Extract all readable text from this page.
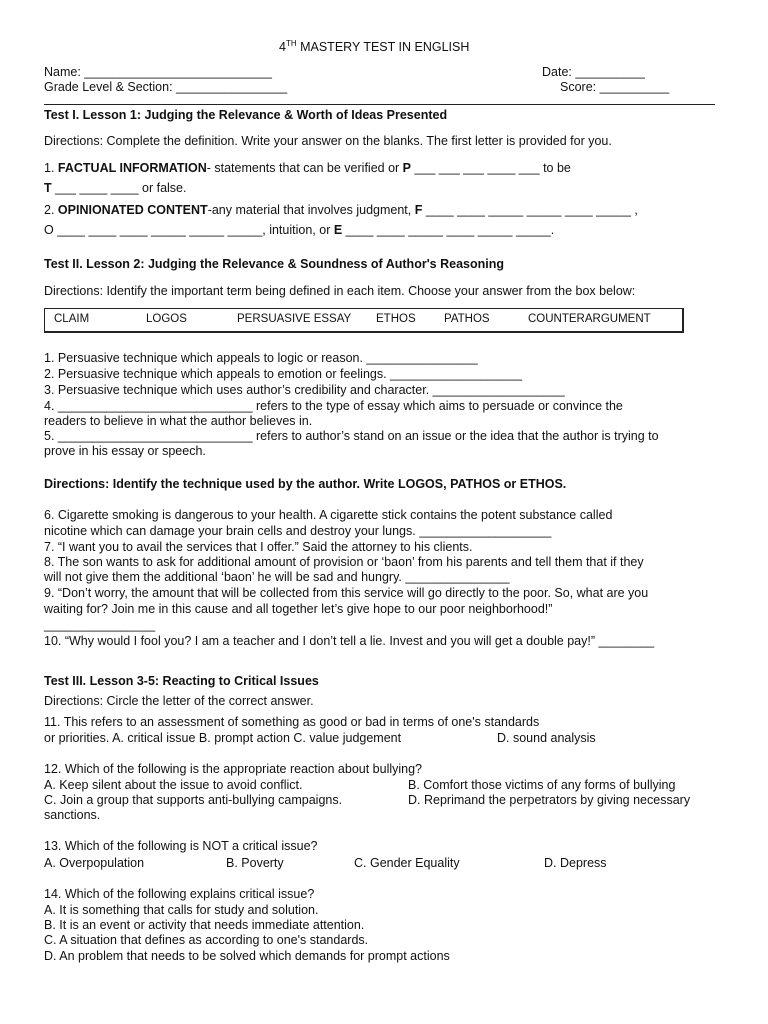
4TH MASTERY TEST IN ENGLISH
Name: ___________________________	Date: __________
Grade Level & Section: ________________	Score: __________
Test I. Lesson 1: Judging the Relevance & Worth of Ideas Presented
Directions: Complete the definition. Write your answer on the blanks. The first letter is provided for you.
1. FACTUAL INFORMATION- statements that can be verified or P ___ ___ ___ ____ ___ to be
T ___ ____ ____ or false.
2. OPINIONATED CONTENT-any material that involves judgment, F ____ ____ _____ _____ ____ _____ ,
O ____ ____ ____ _____ _____ _____, intuition, or E ____ ____ _____ ____ _____ _____.
Test II. Lesson 2: Judging the Relevance & Soundness of Author's Reasoning
Directions: Identify the important term being defined in each item. Choose your answer from the box below:
CLAIM	LOGOS	PERSUASIVE ESSAY ETHOS PATHOS	COUNTERARGUMENT
1. Persuasive technique which appeals to logic or reason. ________________
2. Persuasive technique which appeals to emotion or feelings. ___________________
3. Persuasive technique which uses author’s credibility and character. ___________________
4. ____________________________ refers to the type of essay which aims to persuade or convince the
readers to believe in what the author believes in.
5. ____________________________ refers to author’s stand on an issue or the idea that the author is trying to
prove in his essay or speech.
Directions: Identify the technique used by the author. Write LOGOS, PATHOS or ETHOS.
6. Cigarette smoking is dangerous to your health. A cigarette stick contains the potent substance called
nicotine which can damage your brain cells and destroy your lungs. ___________________
7. “I want you to avail the services that I offer.” Said the attorney to his clients.
8. The son wants to ask for additional amount of provision or ‘baon’ from his parents and tell them that if they
will not give them the additional ‘baon’ he will be sad and hungry. _______________
9. “Don’t worry, the amount that will be collected from this service will go directly to the poor. So, what are you
waiting for? Join me in this cause and all together let’s give hope to our poor neighborhood!”
________________
10. “Why would I fool you? I am a teacher and I don’t tell a lie. Invest and you will get a double pay!” ________
Test III. Lesson 3-5: Reacting to Critical Issues
Directions: Circle the letter of the correct answer.
11. This refers to an assessment of something as good or bad in terms of one's standards
or priorities. A. critical issue B. prompt action C. value judgement	D. sound analysis
12. Which of the following is the appropriate reaction about bullying?
A. Keep silent about the issue to avoid conflict.	B. Comfort those victims of any forms of bullying
C. Join a group that supports anti-bullying campaigns.	D. Reprimand the perpetrators by giving necessary
sanctions.
13. Which of the following is NOT a critical issue?
A. Overpopulation	B. Poverty	C. Gender Equality	D. Depress
14. Which of the following explains critical issue?
A. It is something that calls for study and solution.
B. It is an event or activity that needs immediate attention.
C. A situation that defines as according to one's standards.
D. An problem that needs to be solved which demands for prompt actions
